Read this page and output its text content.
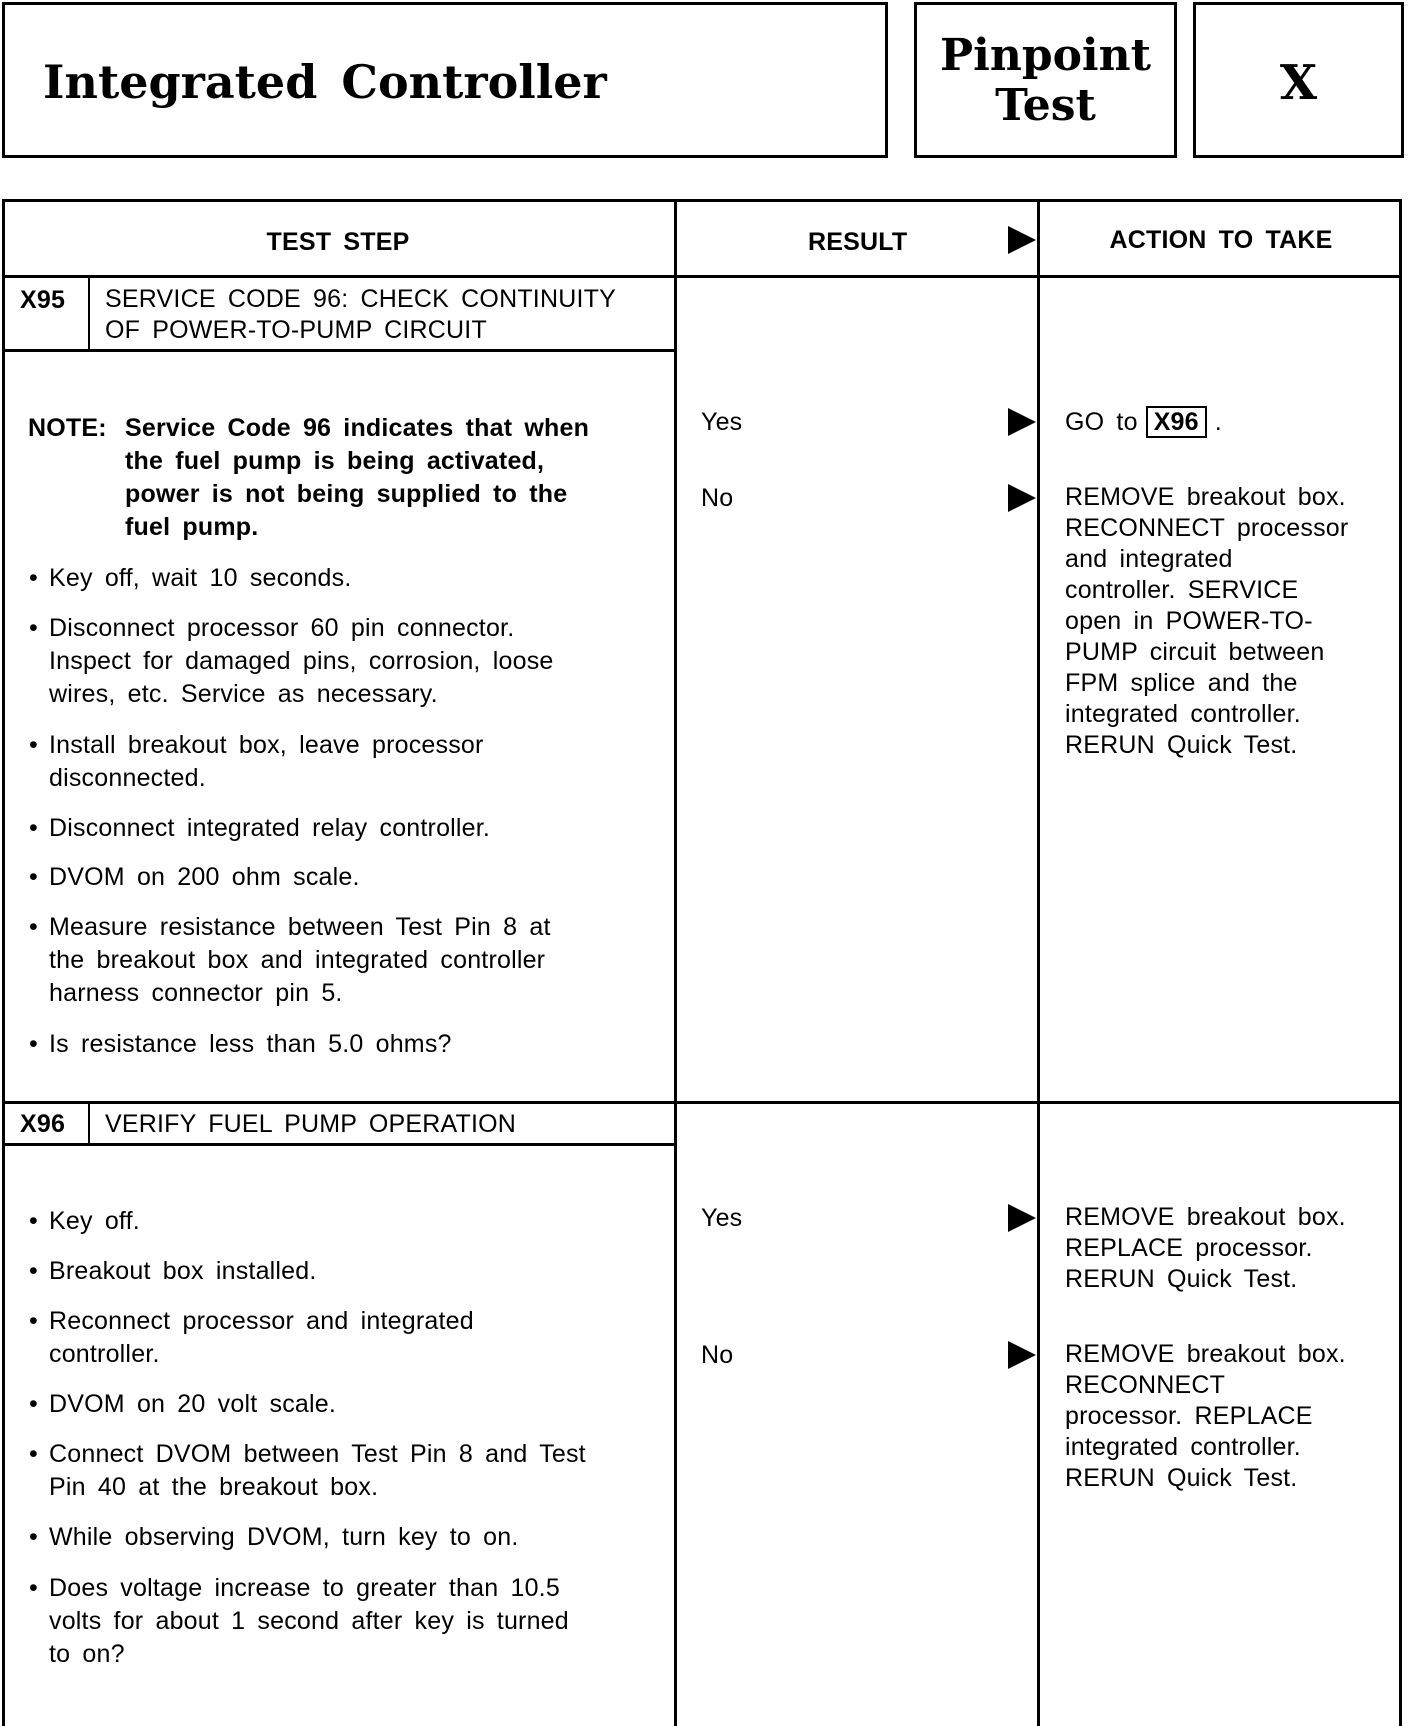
Integrated Controller	Pinpoint
Test	X
TEST STEP	RESULT	ACTION TO TAKE
X95 SERVICE CODE 96: CHECK CONTINUITY
OF POWER-TO-PUMP CIRCUIT
NOTE: Service Code 96 indicates that when
the fuel pump is being activated,
power is not being supplied to the
fuel pump.
• Key off, wait 10 seconds.
• Disconnect processor 60 pin connector.
Inspect for damaged pins, corrosion, loose
wires, etc. Service as necessary.
• Install breakout box, leave processor
disconnected.
• Disconnect integrated relay controller.
• DVOM on 200 ohm scale.
• Measure resistance between Test Pin 8 at
the breakout box and integrated controller
harness connector pin 5.
• Is resistance less than 5.0 ohms?
Yes	GO to X96 .
No	REMOVE breakout box.
RECONNECT processor
and integrated
controller. SERVICE
open in POWER-TO-
PUMP circuit between
FPM splice and the
integrated controller.
RERUN Quick Test.
X96 VERIFY FUEL PUMP OPERATION
• Key off.
• Breakout box installed.
• Reconnect processor and integrated
controller.
• DVOM on 20 volt scale.
• Connect DVOM between Test Pin 8 and Test
Pin 40 at the breakout box.
• While observing DVOM, turn key to on.
• Does voltage increase to greater than 10.5
volts for about 1 second after key is turned
to on?
Yes	REMOVE breakout box.
REPLACE processor.
RERUN Quick Test.
No	REMOVE breakout box.
RECONNECT
processor. REPLACE
integrated controller.
RERUN Quick Test.
